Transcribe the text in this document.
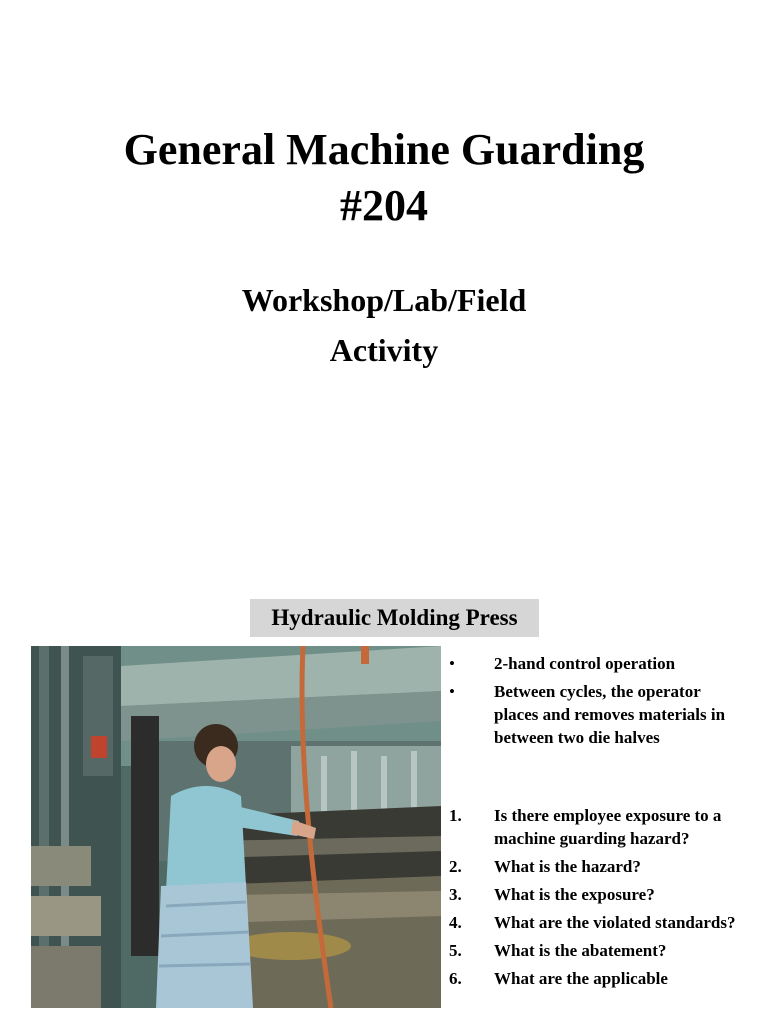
General Machine Guarding
#204
Workshop/Lab/Field
Activity
Hydraulic Molding Press
• 2-hand control operation
• Between cycles, the operator places and removes materials in between two die halves
1. Is there employee exposure to a machine guarding hazard?
2. What is the hazard?
3. What is the exposure?
4. What are the violated standards?
5. What is the abatement?
6. What are the applicable
